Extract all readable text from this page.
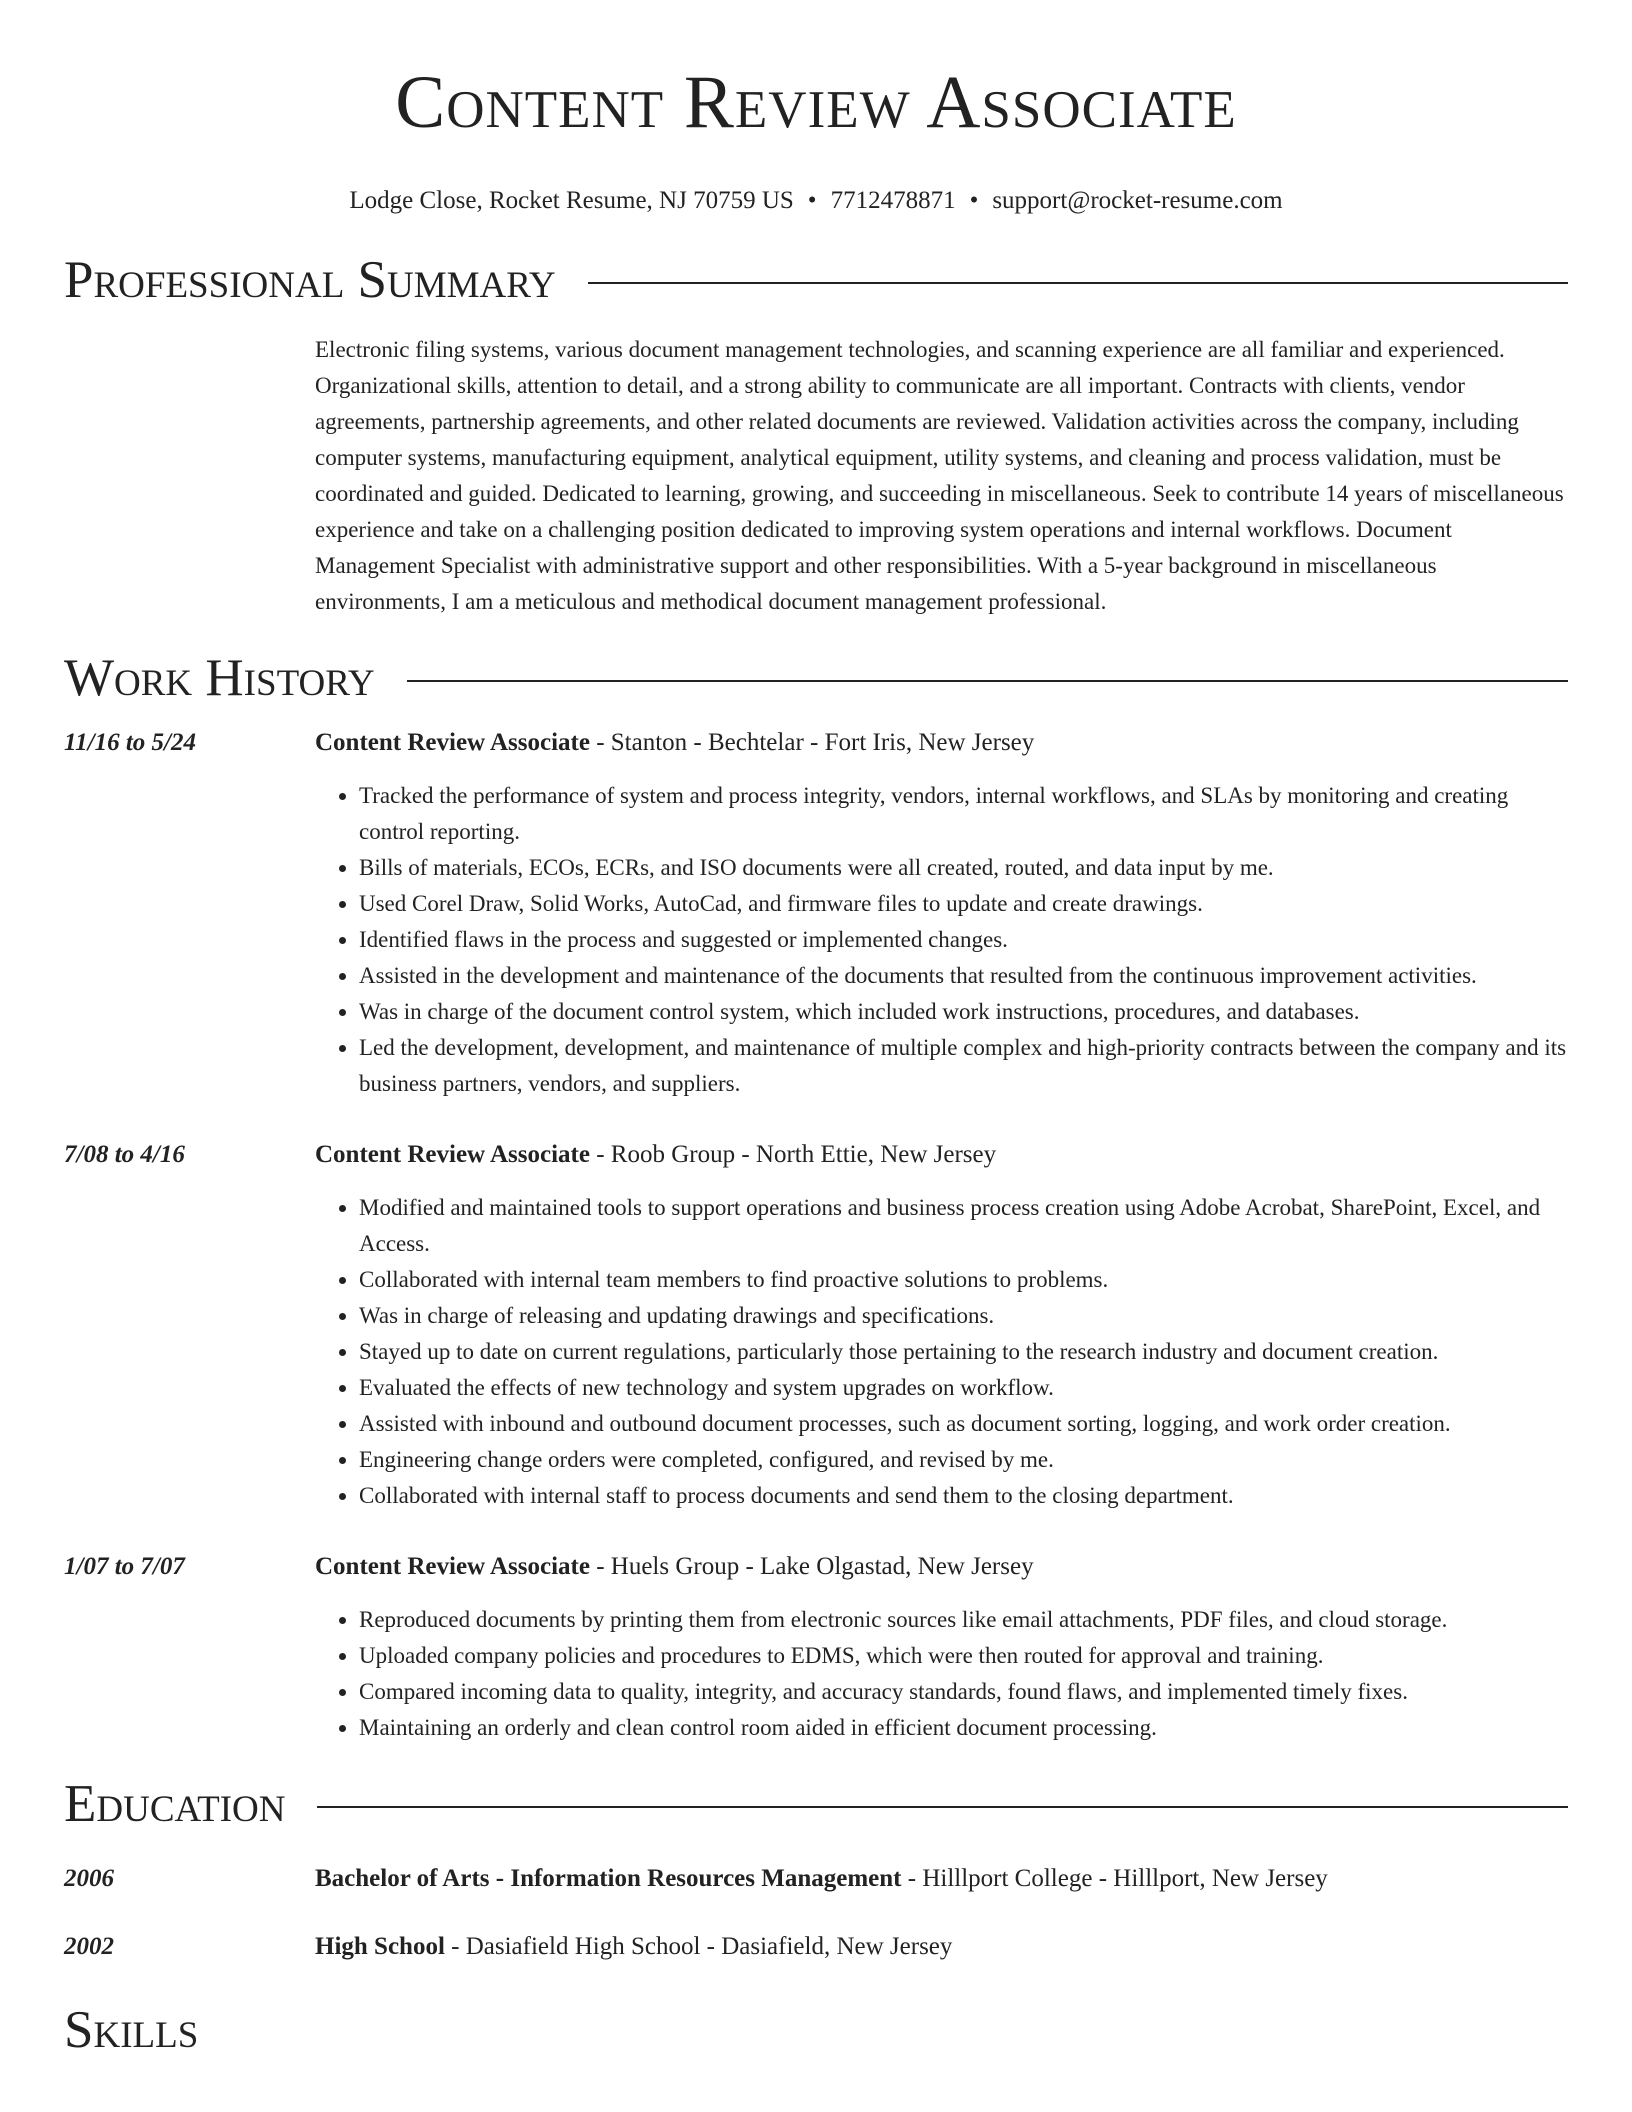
Content Review Associate
Lodge Close, Rocket Resume, NJ 70759 US • 7712478871 • support@rocket-resume.com
Professional Summary
Electronic filing systems, various document management technologies, and scanning experience are all familiar and experienced. Organizational skills, attention to detail, and a strong ability to communicate are all important. Contracts with clients, vendor agreements, partnership agreements, and other related documents are reviewed. Validation activities across the company, including computer systems, manufacturing equipment, analytical equipment, utility systems, and cleaning and process validation, must be coordinated and guided. Dedicated to learning, growing, and succeeding in miscellaneous. Seek to contribute 14 years of miscellaneous experience and take on a challenging position dedicated to improving system operations and internal workflows. Document Management Specialist with administrative support and other responsibilities. With a 5-year background in miscellaneous environments, I am a meticulous and methodical document management professional.
Work History
11/16 to 5/24	Content Review Associate - Stanton - Bechtelar - Fort Iris, New Jersey
• Tracked the performance of system and process integrity, vendors, internal workflows, and SLAs by monitoring and creating control reporting.
• Bills of materials, ECOs, ECRs, and ISO documents were all created, routed, and data input by me.
• Used Corel Draw, Solid Works, AutoCad, and firmware files to update and create drawings.
• Identified flaws in the process and suggested or implemented changes.
• Assisted in the development and maintenance of the documents that resulted from the continuous improvement activities.
• Was in charge of the document control system, which included work instructions, procedures, and databases.
• Led the development, development, and maintenance of multiple complex and high-priority contracts between the company and its business partners, vendors, and suppliers.
7/08 to 4/16	Content Review Associate - Roob Group - North Ettie, New Jersey
• Modified and maintained tools to support operations and business process creation using Adobe Acrobat, SharePoint, Excel, and Access.
• Collaborated with internal team members to find proactive solutions to problems.
• Was in charge of releasing and updating drawings and specifications.
• Stayed up to date on current regulations, particularly those pertaining to the research industry and document creation.
• Evaluated the effects of new technology and system upgrades on workflow.
• Assisted with inbound and outbound document processes, such as document sorting, logging, and work order creation.
• Engineering change orders were completed, configured, and revised by me.
• Collaborated with internal staff to process documents and send them to the closing department.
1/07 to 7/07	Content Review Associate - Huels Group - Lake Olgastad, New Jersey
• Reproduced documents by printing them from electronic sources like email attachments, PDF files, and cloud storage.
• Uploaded company policies and procedures to EDMS, which were then routed for approval and training.
• Compared incoming data to quality, integrity, and accuracy standards, found flaws, and implemented timely fixes.
• Maintaining an orderly and clean control room aided in efficient document processing.
Education
2006	Bachelor of Arts - Information Resources Management - Hilllport College - Hilllport, New Jersey
2002	High School - Dasiafield High School - Dasiafield, New Jersey
Skills
